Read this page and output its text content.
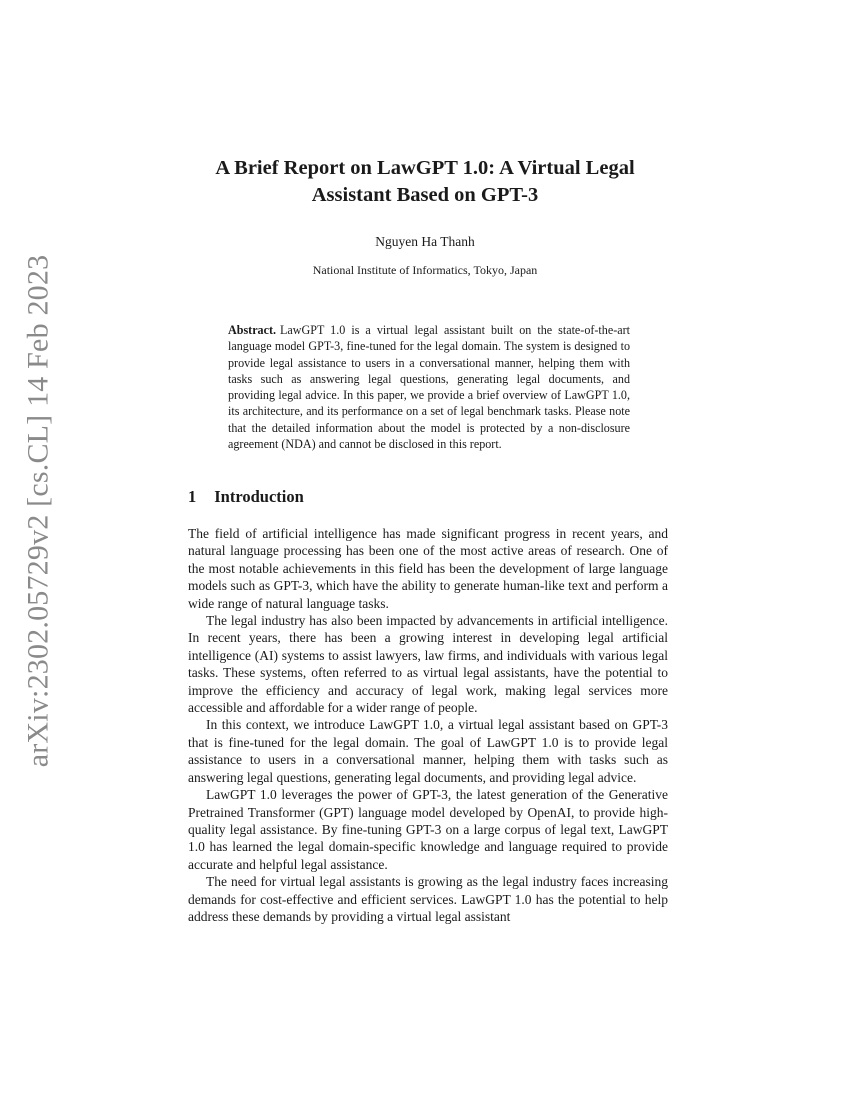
arXiv:2302.05729v2 [cs.CL] 14 Feb 2023
A Brief Report on LawGPT 1.0: A Virtual Legal
Assistant Based on GPT-3

Nguyen Ha Thanh

National Institute of Informatics, Tokyo, Japan

Abstract. LawGPT 1.0 is a virtual legal assistant built on the state-of-the-art language model GPT-3, fine-tuned for the legal domain. The system is designed to provide legal assistance to users in a conversational manner, helping them with tasks such as answering legal questions, generating legal documents, and providing legal advice. In this paper, we provide a brief overview of LawGPT 1.0, its architecture, and its performance on a set of legal benchmark tasks. Please note that the detailed information about the model is protected by a non-disclosure agreement (NDA) and cannot be disclosed in this report.

1 Introduction

The field of artificial intelligence has made significant progress in recent years, and natural language processing has been one of the most active areas of research. One of the most notable achievements in this field has been the development of large language models such as GPT-3, which have the ability to generate human-like text and perform a wide range of natural language tasks.

The legal industry has also been impacted by advancements in artificial intelligence. In recent years, there has been a growing interest in developing legal artificial intelligence (AI) systems to assist lawyers, law firms, and individuals with various legal tasks. These systems, often referred to as virtual legal assistants, have the potential to improve the efficiency and accuracy of legal work, making legal services more accessible and affordable for a wider range of people.

In this context, we introduce LawGPT 1.0, a virtual legal assistant based on GPT-3 that is fine-tuned for the legal domain. The goal of LawGPT 1.0 is to provide legal assistance to users in a conversational manner, helping them with tasks such as answering legal questions, generating legal documents, and providing legal advice.

LawGPT 1.0 leverages the power of GPT-3, the latest generation of the Generative Pretrained Transformer (GPT) language model developed by OpenAI, to provide high-quality legal assistance. By fine-tuning GPT-3 on a large corpus of legal text, LawGPT 1.0 has learned the legal domain-specific knowledge and language required to provide accurate and helpful legal assistance.

The need for virtual legal assistants is growing as the legal industry faces increasing demands for cost-effective and efficient services. LawGPT 1.0 has the potential to help address these demands by providing a virtual legal assistant
